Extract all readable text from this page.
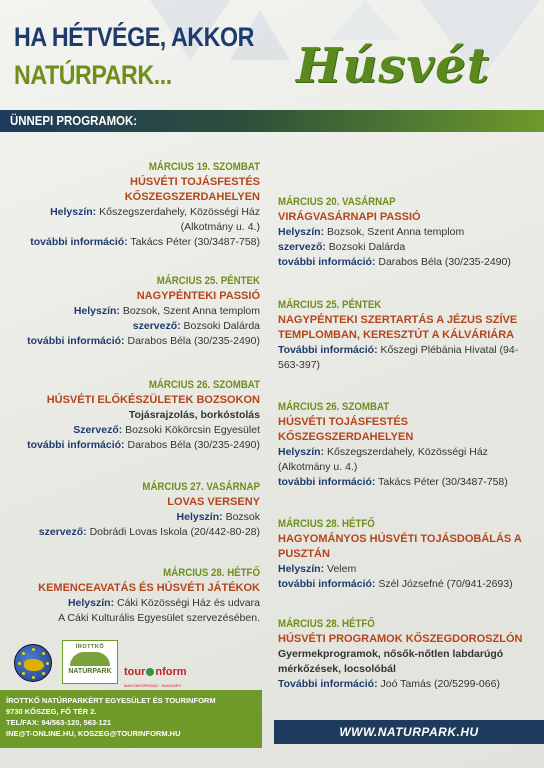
HA HÉTVÉGE, AKKOR
NATÚRPARK...	Húsvét
ÜNNEPI PROGRAMOK:
MÁRCIUS 19. SZOMBAT
HÚSVÉTI TOJÁSFESTÉS KŐSZEGSZERDAHELYEN
Helyszín: Kőszegszerdahely, Közösségi Ház
(Alkotmány u. 4.)
további információ: Takács Péter (30/3487-758)
MÁRCIUS 25. PÉNTEK
NAGYPÉNTEKI PASSIÓ
Helyszín: Bozsok, Szent Anna templom
szervező: Bozsoki Dalárda
további információ: Darabos Béla (30/235-2490)
MÁRCIUS 26. SZOMBAT
HÚSVÉTI ELŐKÉSZÜLETEK BOZSOKON
Tojásrajzolás, borkóstolás
Szervező: Bozsoki Kökörcsin Egyesület
további információ: Darabos Béla (30/235-2490)
MÁRCIUS 27. VASÁRNAP
LOVAS VERSENY
Helyszín: Bozsok
szervező: Dobrádi Lovas Iskola (20/442-80-28)
MÁRCIUS 28. HÉTFŐ
KEMENCEAVATÁS ÉS HÚSVÉTI JÁTÉKOK
Helyszín: Cáki Közösségi Ház és udvara
A Cáki Kulturális Egyesület szervezésében.
MÁRCIUS 20. VASÁRNAP
VIRÁGVASÁRNAPI PASSIÓ
Helyszín: Bozsok, Szent Anna templom
szervező: Bozsoki Dalárda
további információ: Darabos Béla (30/235-2490)
MÁRCIUS 25. PÉNTEK
NAGYPÉNTEKI SZERTARTÁS A JÉZUS SZÍVE TEMPLOMBAN, KERESZTÚT A KÁLVÁRIÁRA
További információ: Kőszegi Plébánia Hivatal (94-563-397)
MÁRCIUS 26. SZOMBAT
HÚSVÉTI TOJÁSFESTÉS KŐSZEGSZERDAHELYEN
Helyszín: Kőszegszerdahely, Közösségi Ház
(Alkotmány u. 4.)
további információ: Takács Péter (30/3487-758)
MÁRCIUS 28. HÉTFŐ
HAGYOMÁNYOS HÚSVÉTI TOJÁSDOBÁLÁS A PUSZTÁN
Helyszín: Velem
további információ: Szél Józsefné (70/941-2693)
MÁRCIUS 28. HÉTFŐ
HÚSVÉTI PROGRAMOK KŐSZEGDOROSZLÓN
Gyermekprogramok, nősők-nőtlen labdarúgó mérkőzések, locsolóbál
További információ: Joó Tamás (20/5299-066)
ÍROTTKŐ
NATÚRPARK	tour nform
MAGYARORSZÁG · HUNGARY
ÍROTTKŐ NATÚRPARKÉRT EGYESÜLET ÉS TOURINFORM
9730 KŐSZEG, FŐ TÉR 2.
TEL/FAX: 94/563-120, 563-121
INE@T-ONLINE.HU, KOSZEG@TOURINFORM.HU	WWW.NATURPARK.HU
